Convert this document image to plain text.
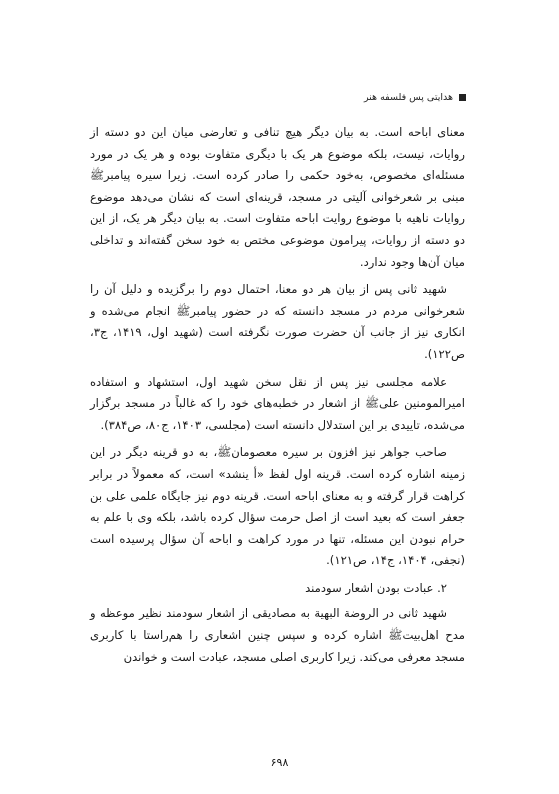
هدایتی پس فلسفه هنر

معنای اباحه است. به بیان دیگر هیچ تنافی و تعارضی میان این دو دسته از روایات، نیست، بلکه موضوع هر یک با دیگری متفاوت بوده و هر یک در مورد مسئله‌ای مخصوص، به‌خود حکمی را صادر کرده است. زیرا سیره پیامبرﷺ مبنی بر شعرخوانی آلیتی در مسجد، قرینه‌ای است که نشان می‌دهد موضوع روایات ناهیه با موضوع روایت اباحه متفاوت است. به بیان دیگر هر یک، از این دو دسته از روایات، پیرامون موضوعی مختص به خود سخن گفته‌اند و تداخلی میان آن‌ها وجود ندارد.

شهید ثانی پس از بیان هر دو معنا، احتمال دوم را برگزیده و دلیل آن را شعرخوانی مردم در مسجد دانسته که در حضور پیامبرﷺ انجام می‌شده و انکاری نیز از جانب آن حضرت صورت نگرفته است (شهید اول، ۱۴۱۹، ج۳، ص۱۲۲).

علامه مجلسی نیز پس از نقل سخن شهید اول، استشهاد و استفاده امیرالمومنین علیﷺ از اشعار در خطبه‌های خود را که غالباً در مسجد برگزار می‌شده، تاییدی بر این استدلال دانسته است (مجلسی، ۱۴۰۳، ج۸۰، ص۳۸۴).

صاحب جواهر نیز افزون بر سیره معصومانﷺ، به دو قرینه دیگر در این زمینه اشاره کرده است. قرینه اول لفظ «أ ینشد» است، که معمولاً در برابر کراهت قرار گرفته و به معنای اباحه است. قرینه دوم نیز جایگاه علمی علی بن جعفر است که بعید است از اصل حرمت سؤال کرده باشد، بلکه وی با علم به حرام نبودن این مسئله، تنها در مورد کراهت و اباحه آن سؤال پرسیده است (نجفی، ۱۴۰۴، ج۱۴، ص۱۲۱).

۲. عبادت بودن اشعار سودمند

شهید ثانی در الروضة البهیة به مصادیقی از اشعار سودمند نظیر موعظه و مدح اهل‌بیتﷺ اشاره کرده و سپس چنین اشعاری را هم‌راستا با کاربری مسجد معرفی می‌کند. زیرا کاربری اصلی مسجد، عبادت است و خواندن

۶۹۸
